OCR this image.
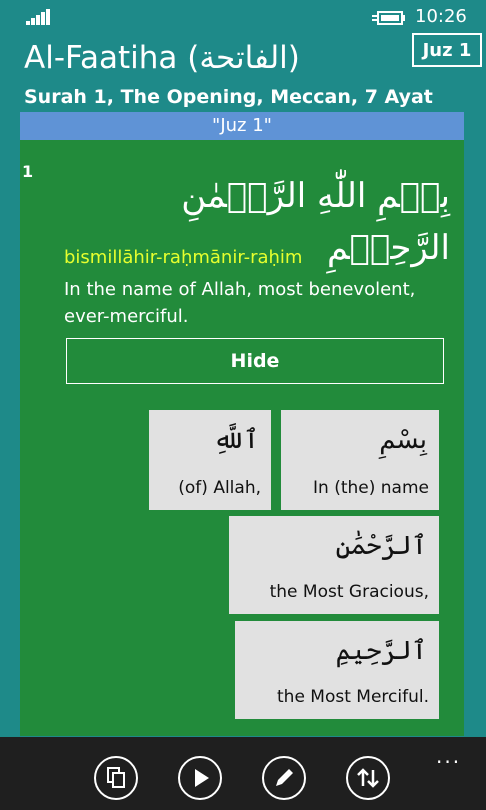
10:26
Al-Faatiha (الفاتحة)	Juz 1
Surah 1, The Opening, Meccan, 7 Ayat
"Juz 1"
1
بِسۡمِ اللّٰهِ الرَّحۡمٰنِ الرَّحِيۡمِ
bismillāhir-raḥmānir-raḥim
In the name of Allah, most benevolent, ever-merciful.
Hide
بِسْمِ
In (the) name
ٱللَّهِ
(of) Allah,
ٱلرَّحْمَٰنِ
the Most Gracious,
ٱلرَّحِيمِ
the Most Merciful.
...
